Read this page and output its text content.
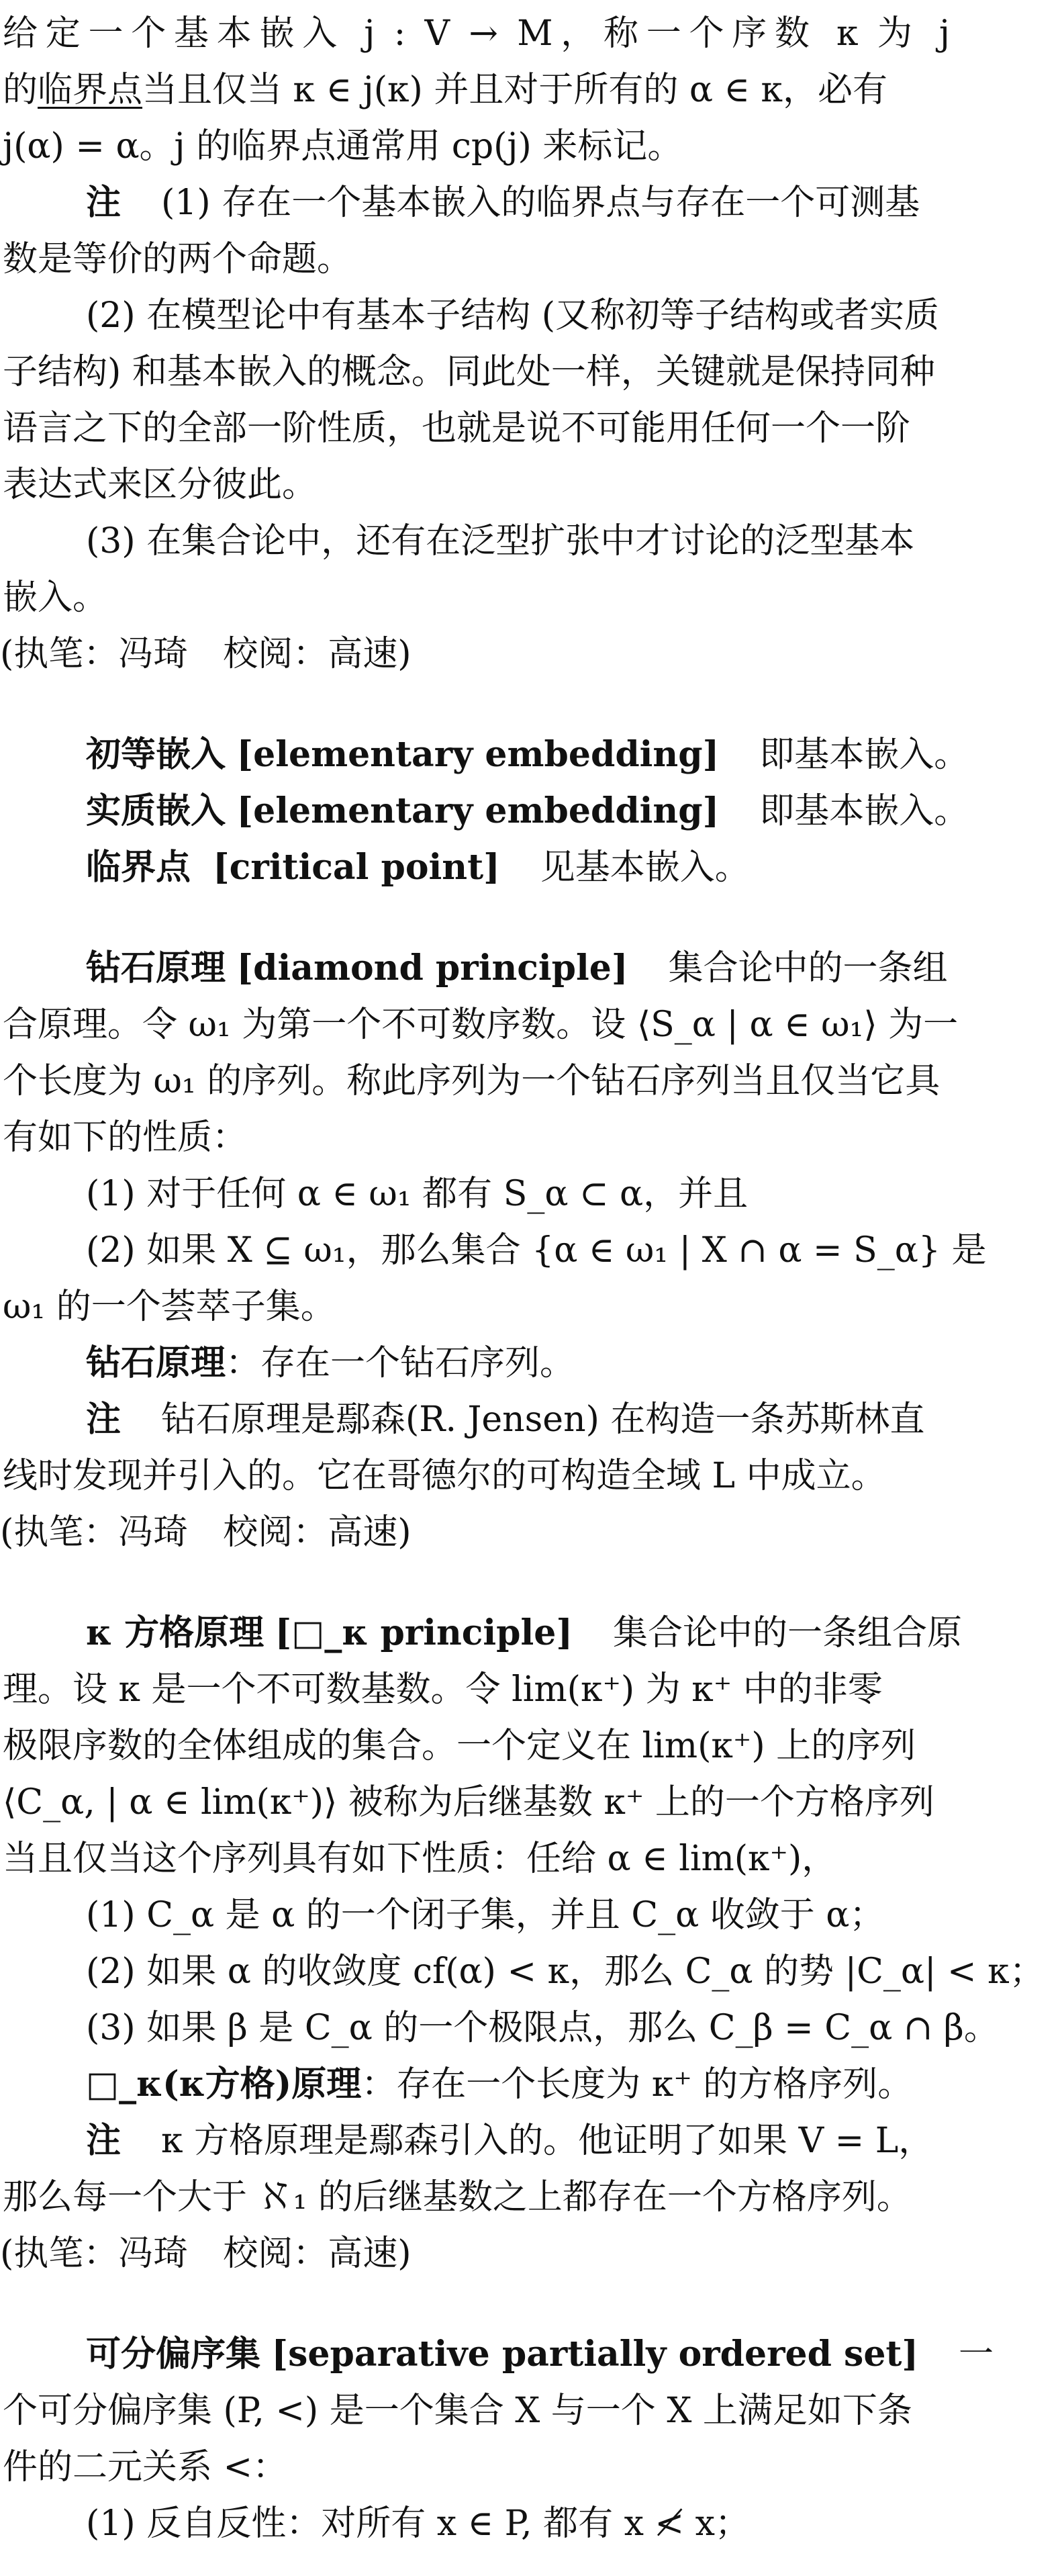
给定一个基本嵌入 j : V → M，称一个序数 κ 为 j
的临界点当且仅当 κ ∈ j(κ) 并且对于所有的 α ∈ κ，必有
j(α) = α。j 的临界点通常用 cp(j) 来标记。
注 (1) 存在一个基本嵌入的临界点与存在一个可测基
数是等价的两个命题。
(2) 在模型论中有基本子结构 (又称初等子结构或者实质
子结构) 和基本嵌入的概念。同此处一样，关键就是保持同种
语言之下的全部一阶性质，也就是说不可能用任何一个一阶
表达式来区分彼此。
(3) 在集合论中，还有在泛型扩张中才讨论的泛型基本
嵌入。
(执笔：冯琦　校阅：高速)
初等嵌入 [elementary embedding] 即基本嵌入。
实质嵌入 [elementary embedding] 即基本嵌入。
临界点 [critical point] 见基本嵌入。
钻石原理 [diamond principle] 集合论中的一条组
合原理。令 ω₁ 为第一个不可数序数。设 ⟨S_α | α ∈ ω₁⟩ 为一
个长度为 ω₁ 的序列。称此序列为一个钻石序列当且仅当它具
有如下的性质：
(1) 对于任何 α ∈ ω₁ 都有 S_α ⊂ α，并且
(2) 如果 X ⊆ ω₁，那么集合 {α ∈ ω₁ | X ∩ α = S_α} 是
ω₁ 的一个荟萃子集。
钻石原理：存在一个钻石序列。
注 钻石原理是鄢森(R. Jensen) 在构造一条苏斯林直
线时发现并引入的。它在哥德尔的可构造全域 L 中成立。
(执笔：冯琦　校阅：高速)
κ 方格原理 [□_κ principle] 集合论中的一条组合原
理。设 κ 是一个不可数基数。令 lim(κ⁺) 为 κ⁺ 中的非零
极限序数的全体组成的集合。一个定义在 lim(κ⁺) 上的序列
⟨C_α, | α ∈ lim(κ⁺)⟩ 被称为后继基数 κ⁺ 上的一个方格序列
当且仅当这个序列具有如下性质：任给 α ∈ lim(κ⁺)，
(1) C_α 是 α 的一个闭子集，并且 C_α 收敛于 α；
(2) 如果 α 的收敛度 cf(α) < κ，那么 C_α 的势 |C_α| < κ；
(3) 如果 β 是 C_α 的一个极限点，那么 C_β = C_α ∩ β。
□_κ(κ方格)原理：存在一个长度为 κ⁺ 的方格序列。
注 κ 方格原理是鄢森引入的。他证明了如果 V = L，
那么每一个大于 ℵ₁ 的后继基数之上都存在一个方格序列。
(执笔：冯琦　校阅：高速)
可分偏序集 [separative partially ordered set] 一
个可分偏序集 (P, <) 是一个集合 X 与一个 X 上满足如下条
件的二元关系 <：
(1) 反自反性：对所有 x ∈ P, 都有 x ≮ x；
